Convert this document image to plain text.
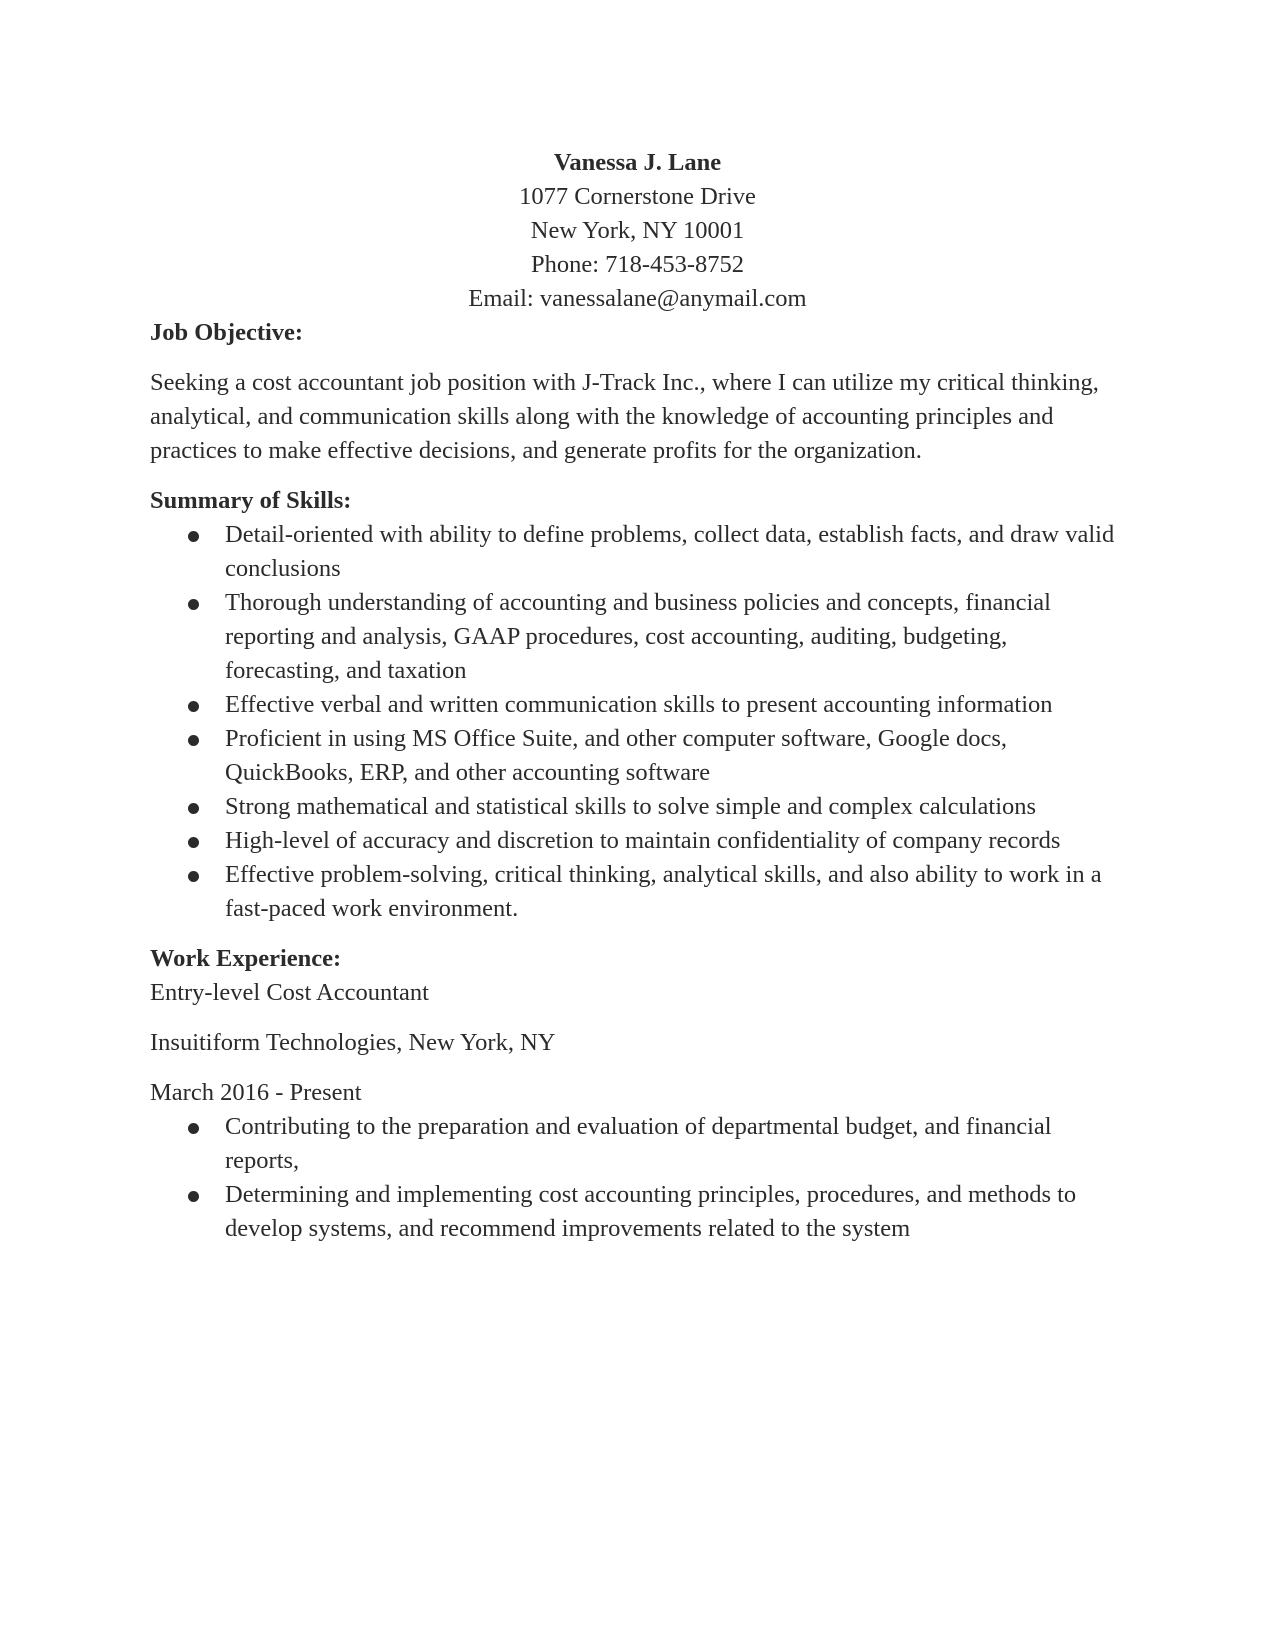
Vanessa J. Lane
1077 Cornerstone Drive
New York, NY 10001
Phone: 718-453-8752
Email: vanessalane@anymail.com
Job Objective:

Seeking a cost accountant job position with J-Track Inc., where I can utilize my critical thinking, analytical, and communication skills along with the knowledge of accounting principles and practices to make effective decisions, and generate profits for the organization.

Summary of Skills:
Detail-oriented with ability to define problems, collect data, establish facts, and draw valid conclusions
Thorough understanding of accounting and business policies and concepts, financial reporting and analysis, GAAP procedures, cost accounting, auditing, budgeting, forecasting, and taxation
Effective verbal and written communication skills to present accounting information
Proficient in using MS Office Suite, and other computer software, Google docs, QuickBooks, ERP, and other accounting software
Strong mathematical and statistical skills to solve simple and complex calculations
High-level of accuracy and discretion to maintain confidentiality of company records
Effective problem-solving, critical thinking, analytical skills, and also ability to work in a fast-paced work environment.
Work Experience:

Entry-level Cost Accountant

Insuitiform Technologies, New York, NY

March 2016 - Present

Contributing to the preparation and evaluation of departmental budget, and financial reports,
Determining and implementing cost accounting principles, procedures, and methods to develop systems, and recommend improvements related to the system
